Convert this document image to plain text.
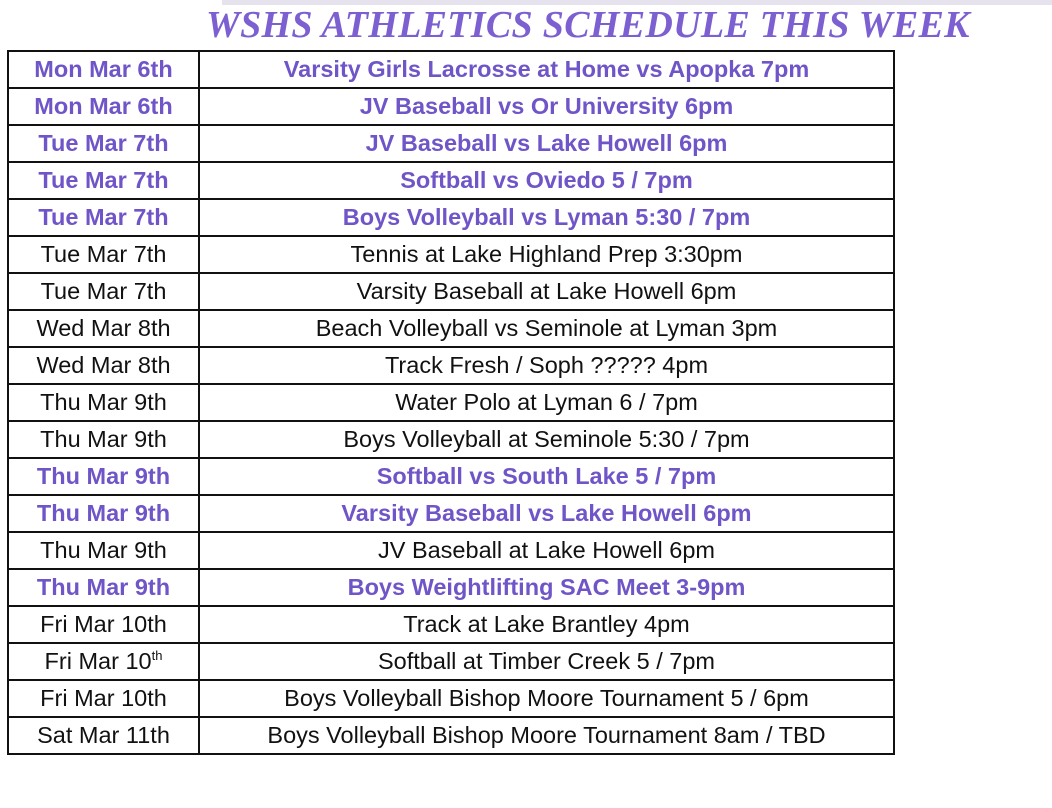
WSHS ATHLETICS SCHEDULE THIS WEEK
Mon Mar 6th	Varsity Girls Lacrosse at Home vs Apopka 7pm
Mon Mar 6th	JV Baseball vs Or University 6pm
Tue Mar 7th	JV Baseball vs Lake Howell 6pm
Tue Mar 7th	Softball vs Oviedo 5 / 7pm
Tue Mar 7th	Boys Volleyball vs Lyman 5:30 / 7pm
Tue Mar 7th	Tennis at Lake Highland Prep 3:30pm
Tue Mar 7th	Varsity Baseball at Lake Howell 6pm
Wed Mar 8th	Beach Volleyball vs Seminole at Lyman 3pm
Wed Mar 8th	Track Fresh / Soph ????? 4pm
Thu Mar 9th	Water Polo at Lyman 6 / 7pm
Thu Mar 9th	Boys Volleyball at Seminole 5:30 / 7pm
Thu Mar 9th	Softball vs South Lake 5 / 7pm
Thu Mar 9th	Varsity Baseball vs Lake Howell 6pm
Thu Mar 9th	JV Baseball at Lake Howell 6pm
Thu Mar 9th	Boys Weightlifting SAC Meet 3-9pm
Fri Mar 10th	Track at Lake Brantley 4pm
Fri Mar 10th	Softball at Timber Creek 5 / 7pm
Fri Mar 10th	Boys Volleyball Bishop Moore Tournament 5 / 6pm
Sat Mar 11th	Boys Volleyball Bishop Moore Tournament 8am / TBD
